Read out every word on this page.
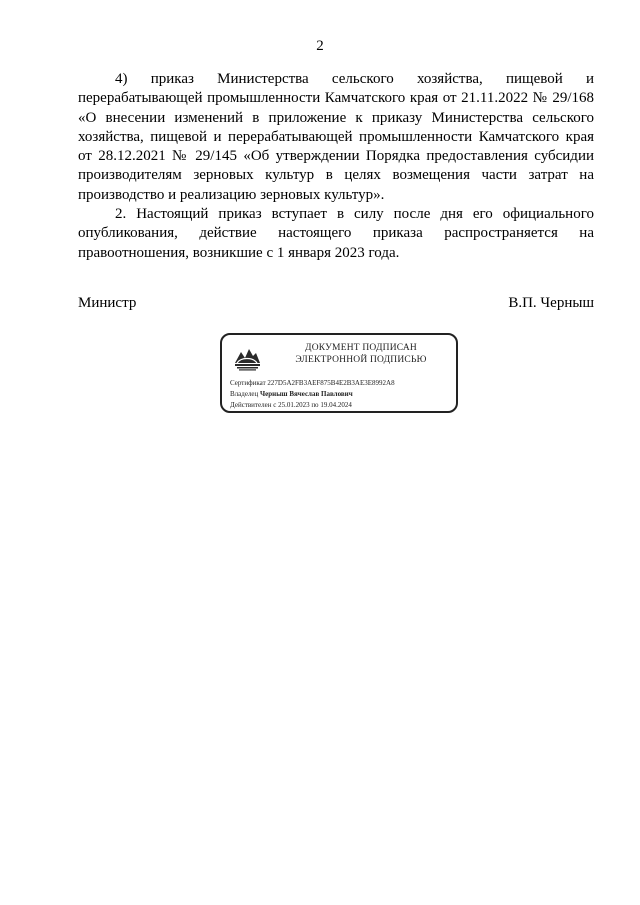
2

4) приказ Министерства сельского хозяйства, пищевой и перерабатывающей промышленности Камчатского края от 21.11.2022 № 29/168 «О внесении изменений в приложение к приказу Министерства сельского хозяйства, пищевой и перерабатывающей промышленности Камчатского края от 28.12.2021 № 29/145 «Об утверждении Порядка предоставления субсидии производителям зерновых культур в целях возмещения части затрат на производство и реализацию зерновых культур».

2. Настоящий приказ вступает в силу после дня его официального опубликования, действие настоящего приказа распространяется на правоотношения, возникшие с 1 января 2023 года.

Министр	В.П. Черныш
ДОКУМЕНТ ПОДПИСАН
ЭЛЕКТРОННОЙ ПОДПИСЬЮ
Сертификат 227D5A2FB3AEF875B4E2B3AE3E8992A8
Владелец Черныш Вячеслав Павлович
Действителен с 25.01.2023 по 19.04.2024
